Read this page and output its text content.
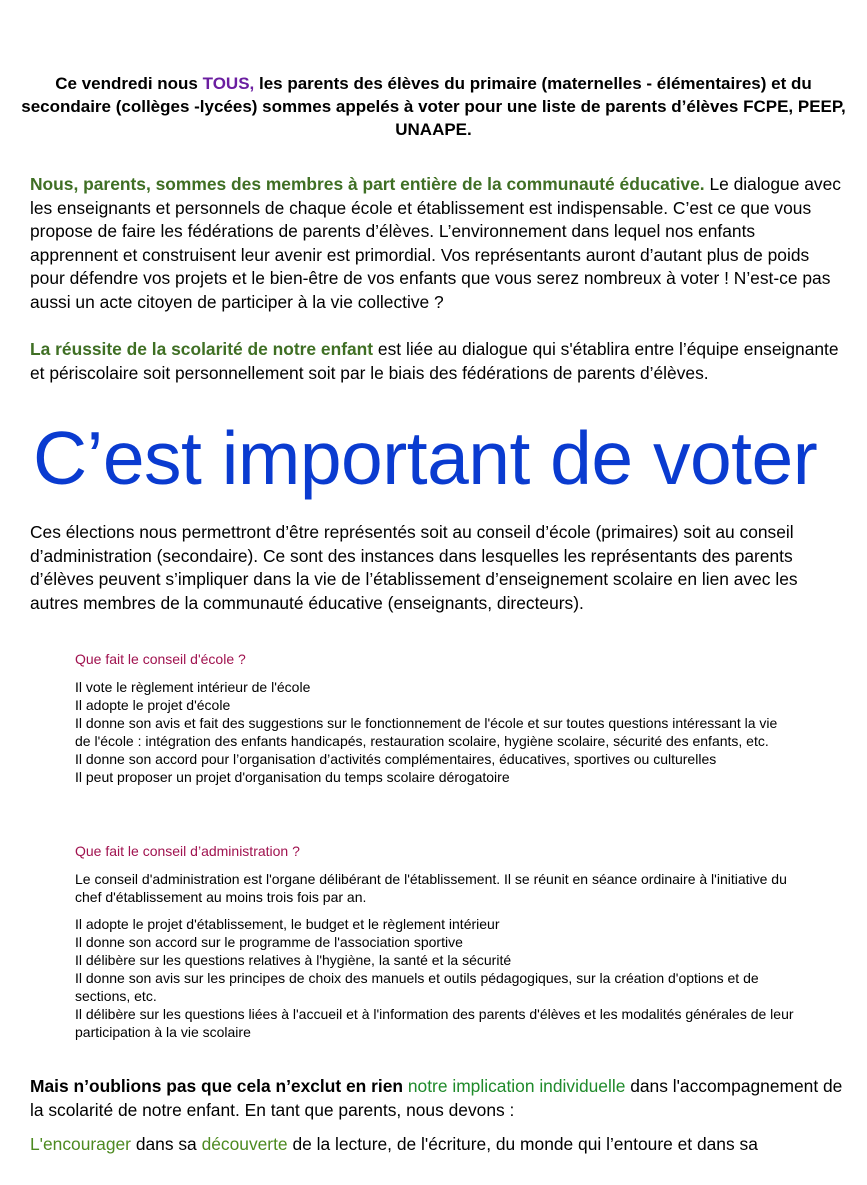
Ce vendredi nous TOUS, les parents des élèves du primaire (maternelles - élémentaires) et du secondaire (collèges -lycées) sommes appelés à voter pour une liste de parents d’élèves FCPE, PEEP, UNAAPE.
Nous, parents, sommes des membres à part entière de la communauté éducative. Le dialogue avec les enseignants et personnels de chaque école et établissement est indispensable. C’est ce que vous propose de faire les fédérations de parents d’élèves. L’environnement dans lequel nos enfants apprennent et construisent leur avenir est primordial. Vos représentants auront d’autant plus de poids pour défendre vos projets et le bien-être de vos enfants que vous serez nombreux à voter ! N’est-ce pas aussi un acte citoyen de participer à la vie collective ?
La réussite de la scolarité de notre enfant est liée au dialogue qui s'établira entre l’équipe enseignante et périscolaire soit personnellement soit par le biais des fédérations de parents d’élèves.
C’est important de voter
Ces élections nous permettront d’être représentés soit au conseil d’école (primaires) soit au conseil d’administration (secondaire). Ce sont des instances dans lesquelles les représentants des parents d’élèves peuvent s’impliquer dans la vie de l’établissement d’enseignement scolaire en lien avec les autres membres de la communauté éducative (enseignants, directeurs).
Que fait le conseil d'école ?
Il vote le règlement intérieur de l'école
Il adopte le projet d'école
Il donne son avis et fait des suggestions sur le fonctionnement de l'école et sur toutes questions intéressant la vie de l'école : intégration des enfants handicapés, restauration scolaire, hygiène scolaire, sécurité des enfants, etc.
Il donne son accord pour l’organisation d’activités complémentaires, éducatives, sportives ou culturelles
Il peut proposer un projet d'organisation du temps scolaire dérogatoire
Que fait le conseil d’administration ?
Le conseil d'administration est l'organe délibérant de l'établissement. Il se réunit en séance ordinaire à l'initiative du chef d'établissement au moins trois fois par an.
Il adopte le projet d'établissement, le budget et le règlement intérieur
Il donne son accord sur le programme de l'association sportive
Il délibère sur les questions relatives à l'hygiène, la santé et la sécurité
Il donne son avis sur les principes de choix des manuels et outils pédagogiques, sur la création d'options et de sections, etc.
Il délibère sur les questions liées à l'accueil et à l'information des parents d'élèves et les modalités générales de leur participation à la vie scolaire
Mais n’oublions pas que cela n’exclut en rien notre implication individuelle dans l'accompagnement de la scolarité de notre enfant. En tant que parents, nous devons :
L'encourager dans sa découverte de la lecture, de l'écriture, du monde qui l’entoure et dans sa
